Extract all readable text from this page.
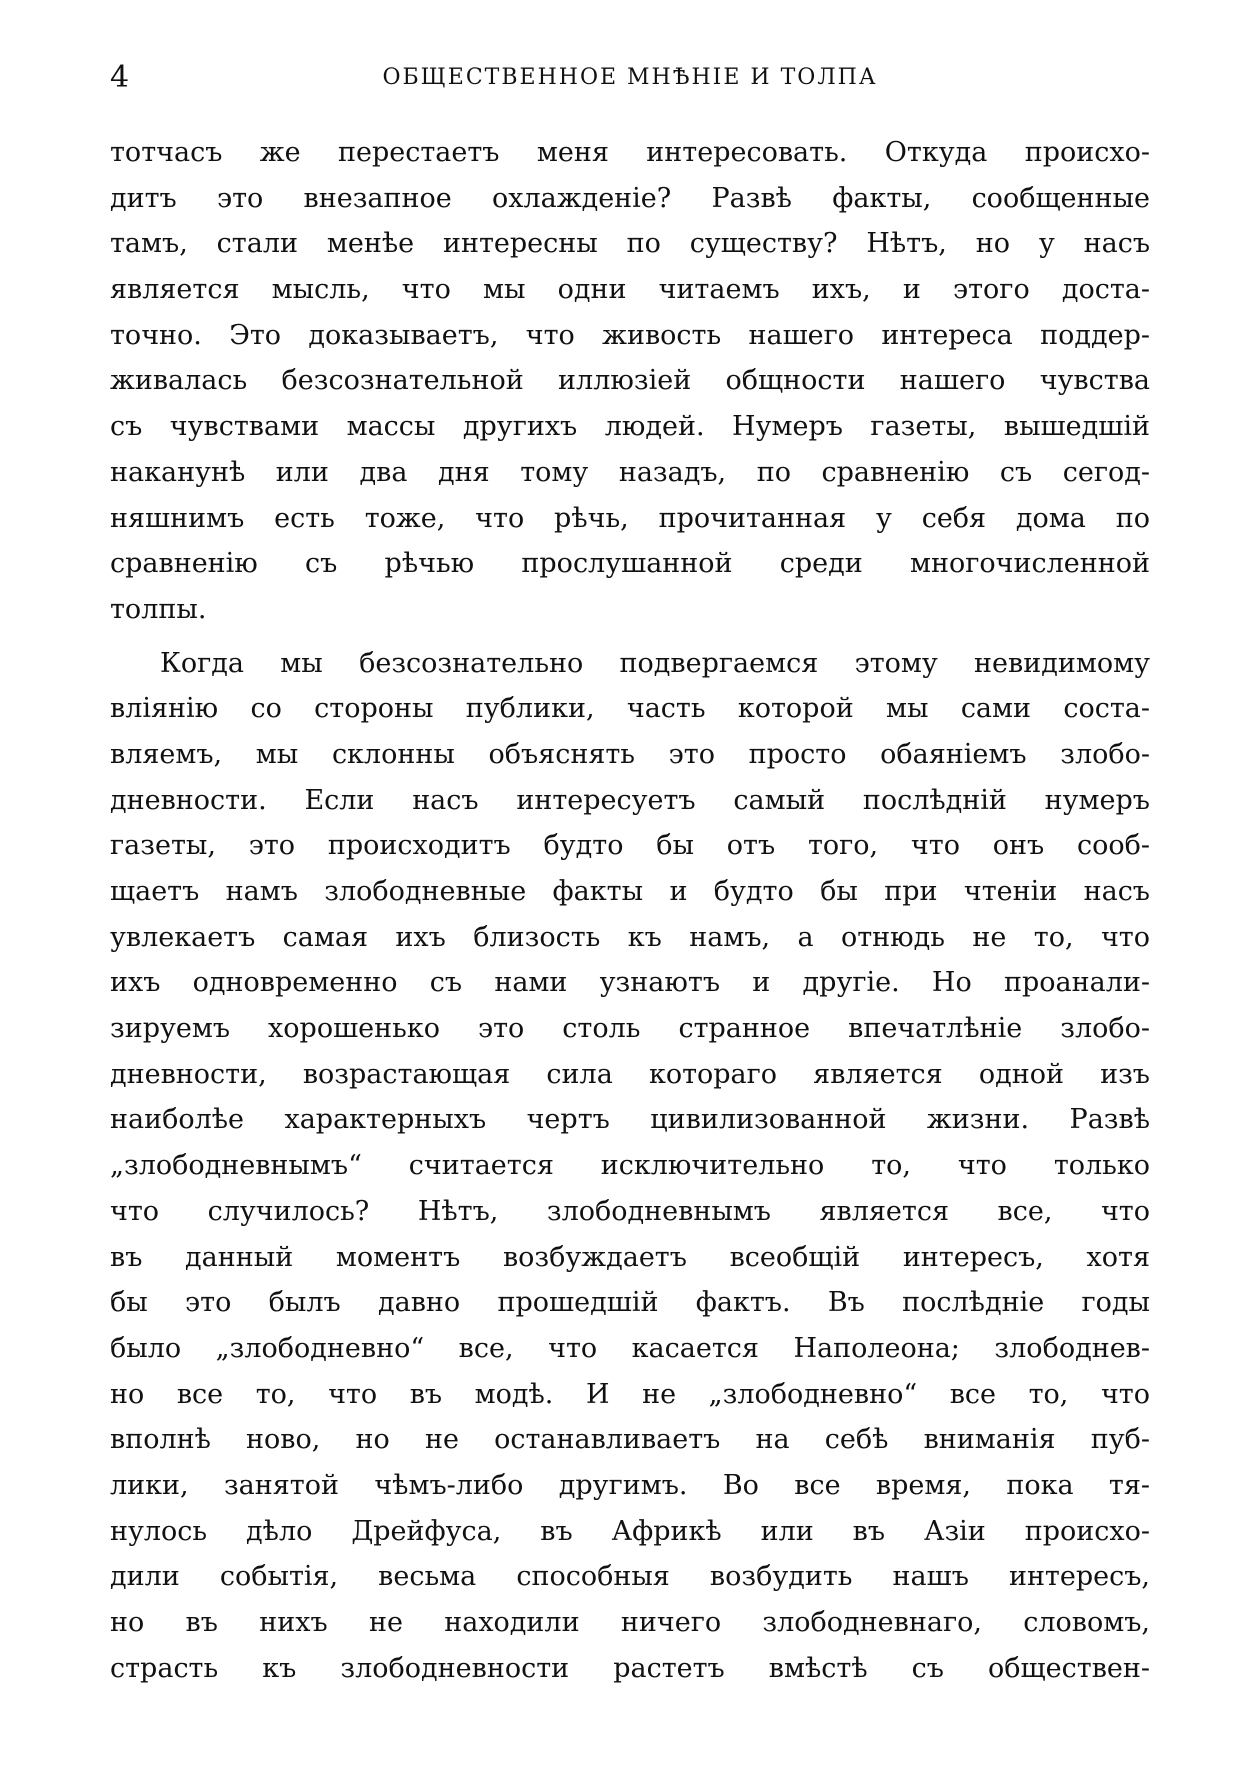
4	ОБЩЕСТВЕННОЕ МНѢНІЕ И ТОЛПА
тотчасъ же перестаетъ меня интересовать. Откуда происхо-
дитъ это внезапное охлажденіе? Развѣ факты, сообщенные
тамъ, стали менѣе интересны по существу? Нѣтъ, но у насъ
является мысль, что мы одни читаемъ ихъ, и этого доста-
точно. Это доказываетъ, что живость нашего интереса поддер-
живалась безсознательной иллюзіей общности нашего чувства
съ чувствами массы другихъ людей. Нумеръ газеты, вышедшій
наканунѣ или два дня тому назадъ, по сравненію съ сегод-
няшнимъ есть тоже, что рѣчь, прочитанная у себя дома по
сравненію съ рѣчью прослушанной среди многочисленной
толпы.
Когда мы безсознательно подвергаемся этому невидимому
вліянію со стороны публики, часть которой мы сами соста-
вляемъ, мы склонны объяснять это просто обаяніемъ злобо-
дневности. Если насъ интересуетъ самый послѣдній нумеръ
газеты, это происходитъ будто бы отъ того, что онъ сооб-
щаетъ намъ злободневные факты и будто бы при чтеніи насъ
увлекаетъ самая ихъ близость къ намъ, а отнюдь не то, что
ихъ одновременно съ нами узнаютъ и другіе. Но проанали-
зируемъ хорошенько это столь странное впечатлѣніе злобо-
дневности, возрастающая сила котораго является одной изъ
наиболѣе характерныхъ чертъ цивилизованной жизни. Развѣ
„злободневнымъ“ считается исключительно то, что только
что случилось? Нѣтъ, злободневнымъ является все, что
въ данный моментъ возбуждаетъ всеобщій интересъ, хотя
бы это былъ давно прошедшій фактъ. Въ послѣдніе годы
было „злободневно“ все, что касается Наполеона; злободнев-
но все то, что въ модѣ. И не „злободневно“ все то, что
вполнѣ ново, но не останавливаетъ на себѣ вниманія пуб-
лики, занятой чѣмъ-либо другимъ. Во все время, пока тя-
нулось дѣло Дрейфуса, въ Африкѣ или въ Азіи происхо-
дили событія, весьма способныя возбудить нашъ интересъ,
но въ нихъ не находили ничего злободневнаго, словомъ,
страсть къ злободневности растетъ вмѣстѣ съ обществен-
